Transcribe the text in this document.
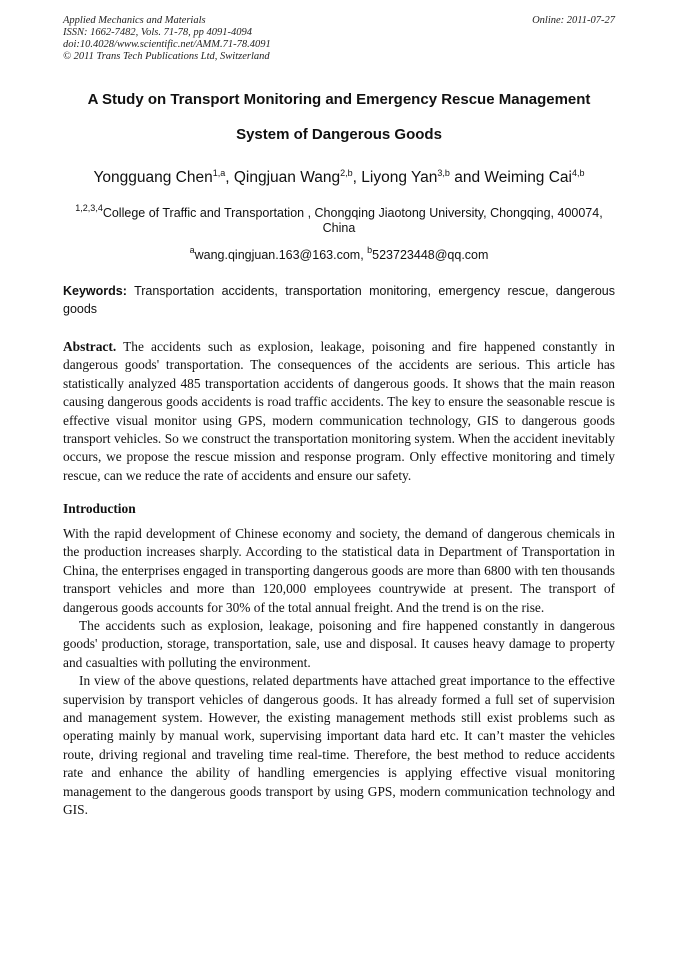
Applied Mechanics and Materials
ISSN: 1662-7482, Vols. 71-78, pp 4091-4094
doi:10.4028/www.scientific.net/AMM.71-78.4091
© 2011 Trans Tech Publications Ltd, Switzerland
Online: 2011-07-27
A Study on Transport Monitoring and Emergency Rescue Management
System of Dangerous Goods
Yongguang Chen$^{1,a}$, Qingjuan Wang$^{2,b}$, Liyong Yan$^{3,b}$ and Weiming Cai$^{4,b}$
$^{1,2,3,4}$College of Traffic and Transportation , Chongqing Jiaotong University, Chongqing, 400074,
China
$^a$wang.qingjuan.163@163.com, $^b$523723448@qq.com
Keywords: Transportation accidents, transportation monitoring, emergency rescue, dangerous goods
Abstract. The accidents such as explosion, leakage, poisoning and fire happened constantly in dangerous goods' transportation. The consequences of the accidents are serious. This article has statistically analyzed 485 transportation accidents of dangerous goods. It shows that the main reason causing dangerous goods accidents is road traffic accidents. The key to ensure the seasonable rescue is effective visual monitor using GPS, modern communication technology, GIS to dangerous goods transport vehicles. So we construct the transportation monitoring system. When the accident inevitably occurs, we propose the rescue mission and response program. Only effective monitoring and timely rescue, can we reduce the rate of accidents and ensure our safety.
Introduction

With the rapid development of Chinese economy and society, the demand of dangerous chemicals in the production increases sharply. According to the statistical data in Department of Transportation in China, the enterprises engaged in transporting dangerous goods are more than 6800 with ten thousands transport vehicles and more than 120,000 employees countrywide at present. The transport of dangerous goods accounts for 30% of the total annual freight. And the trend is on the rise.

The accidents such as explosion, leakage, poisoning and fire happened constantly in dangerous goods' production, storage, transportation, sale, use and disposal. It causes heavy damage to property and casualties with polluting the environment.

In view of the above questions, related departments have attached great importance to the effective supervision by transport vehicles of dangerous goods. It has already formed a full set of supervision and management system. However, the existing management methods still exist problems such as operating mainly by manual work, supervising important data hard etc. It can’t master the vehicles route, driving regional and traveling time real-time. Therefore, the best method to reduce accidents rate and enhance the ability of handling emergencies is applying effective visual monitoring management to the dangerous goods transport by using GPS, modern communication technology and GIS.
